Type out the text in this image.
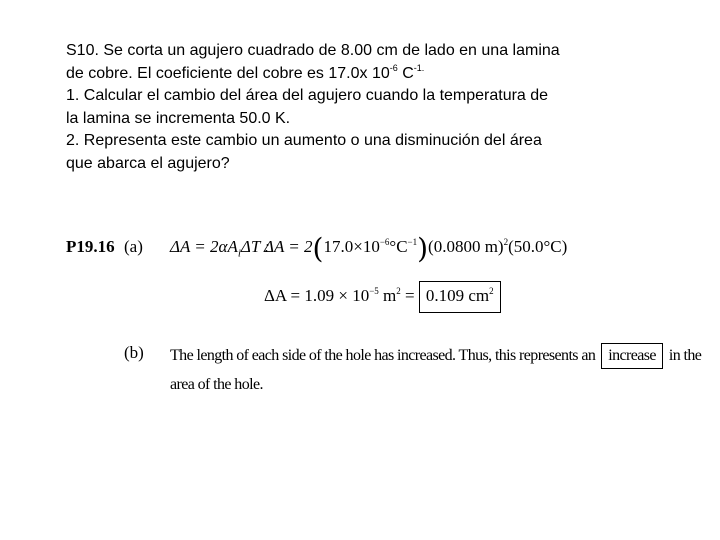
S10. Se corta un agujero cuadrado de 8.00 cm de lado en una lamina
de cobre. El coeficiente del cobre es 17.0x $10^{-6}$ $C^{-1.}$
1. Calcular el cambio del área del agujero cuando la temperatura de
la lamina se incrementa 50.0 K.
2. Representa este cambio un aumento o una disminución del área
que abarca el agujero?
P19.16 (a) $\Delta A = 2\alpha A_i\Delta T$ :
$\Delta A = 2(17.0\times 10^{-6}^\circ C^{-1})(0.0800$ m)$^2$(50.0°C)
$\Delta A = 1.09 \times 10^{-5}$ $m^2 = 0.109$ $cm^2$
(b) The length of each side of the hole has increased. Thus, this represents an increase in the
area of the hole.
